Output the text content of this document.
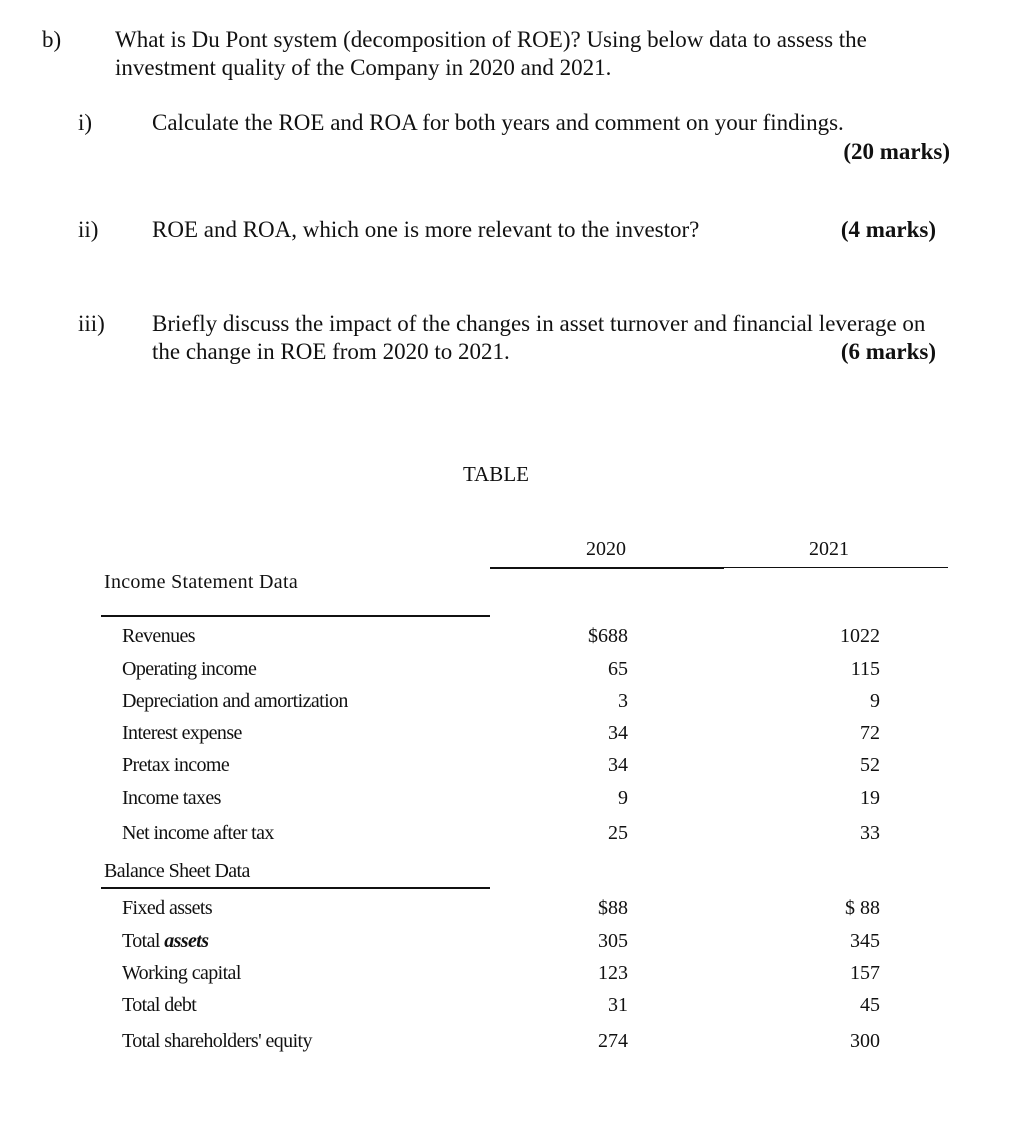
b) What is Du Pont system (decomposition of ROE)? Using below data to assess the
investment quality of the Company in 2020 and 2021.
i)	Calculate the ROE and ROA for both years and comment on your findings.
(20 marks)
ii) ROE and ROA, which one is more relevant to the investor?	(4 marks)
iii) Briefly discuss the impact of the changes in asset turnover and financial leverage on
the change in ROE from 2020 to 2021.	(6 marks)
TABLE
2020	2021
Income Statement Data
Revenues	$688	1022
Operating income	65	115
Depreciation and amortization	3	9
Interest expense	34	72
Pretax income	34	52
Income taxes	9	19
Net income after tax	25	33
Balance Sheet Data
Fixed assets	$88	$ 88
Total assets	305	345
Working capital	123	157
Total debt	31	45
Total shareholders' equity	274	300
